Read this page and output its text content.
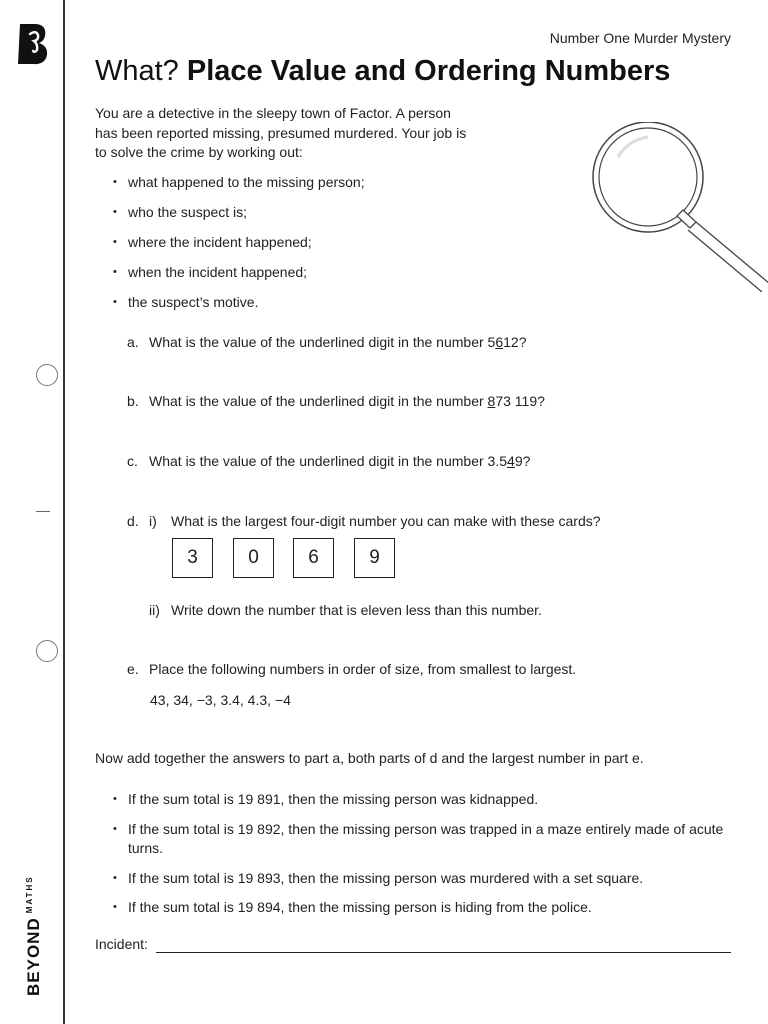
$BEYOND^{MATHS}$
Number One Murder Mystery
What? Place Value and Ordering Numbers

You are a detective in the sleepy town of Factor. A person has been reported missing, presumed murdered. Your job is to solve the crime by working out:

• what happened to the missing person;
• who the suspect is;
• where the incident happened;
• when the incident happened;
• the suspect’s motive.
a. What is the value of the underlined digit in the number 5612?
b. What is the value of the underlined digit in the number 873 119?
c. What is the value of the underlined digit in the number 3.549?
d. i) What is the largest four-digit number you can make with these cards?
3	0	6	9
ii) Write down the number that is eleven less than this number.
e. Place the following numbers in order of size, from smallest to largest.
43, 34, −3, 3.4, 4.3, −4
Now add together the answers to part a, both parts of d and the largest number in part e.
• If the sum total is 19 891, then the missing person was kidnapped.
• If the sum total is 19 892, then the missing person was trapped in a maze entirely made of acute turns.
• If the sum total is 19 893, then the missing person was murdered with a set square.
• If the sum total is 19 894, then the missing person is hiding from the police.
Incident:
